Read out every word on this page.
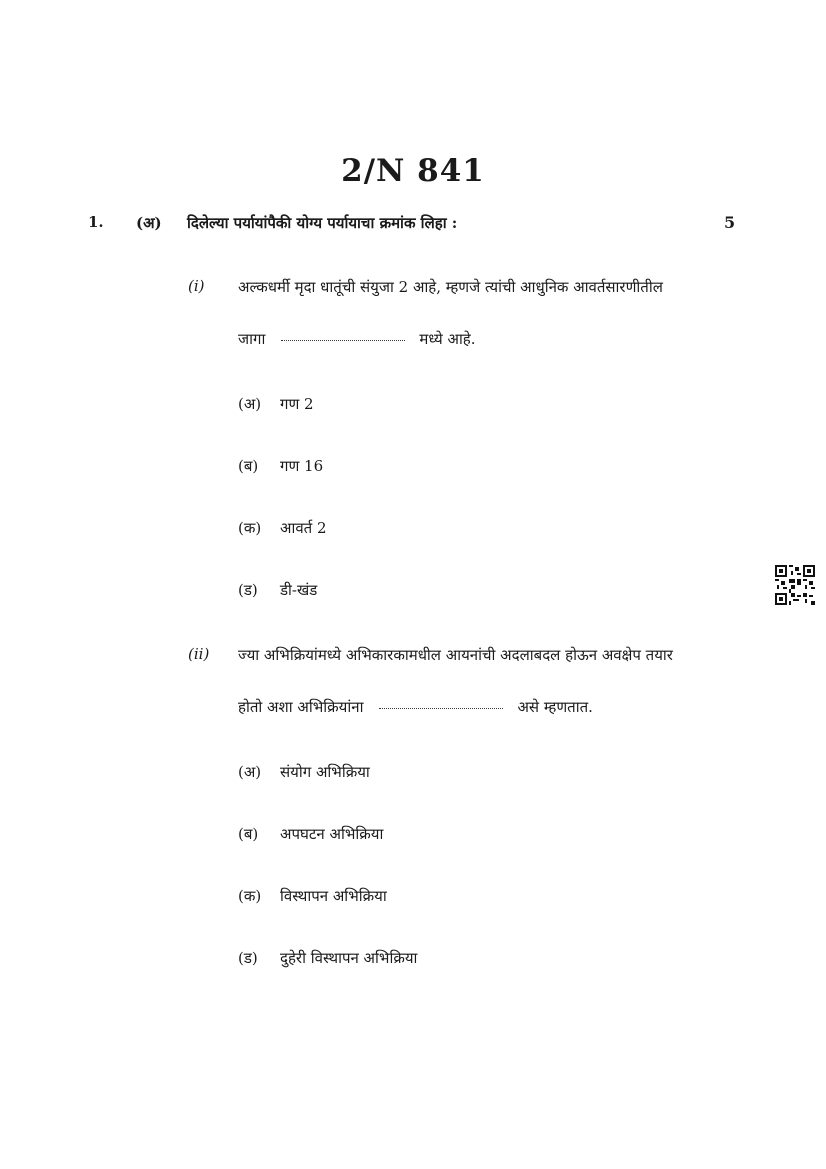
2/N 841
1. (अ) दिलेल्या पर्यायांपैकी योग्य पर्यायाचा क्रमांक लिहा :	5
(i) अल्कधर्मी मृदा धातूंची संयुजा 2 आहे, म्हणजे त्यांची आधुनिक आवर्तसारणीतील
जागा	मध्ये आहे.
(अ) गण 2
(ब) गण 16
(क) आवर्त 2
(ड) डी-खंड
(ii) ज्या अभिक्रियांमध्ये अभिकारकामधील आयनांची अदलाबदल होऊन अवक्षेप तयार
होतो अशा अभिक्रियांना	असे म्हणतात.
(अ) संयोग अभिक्रिया
(ब) अपघटन अभिक्रिया
(क) विस्थापन अभिक्रिया
(ड) दुहेरी विस्थापन अभिक्रिया
